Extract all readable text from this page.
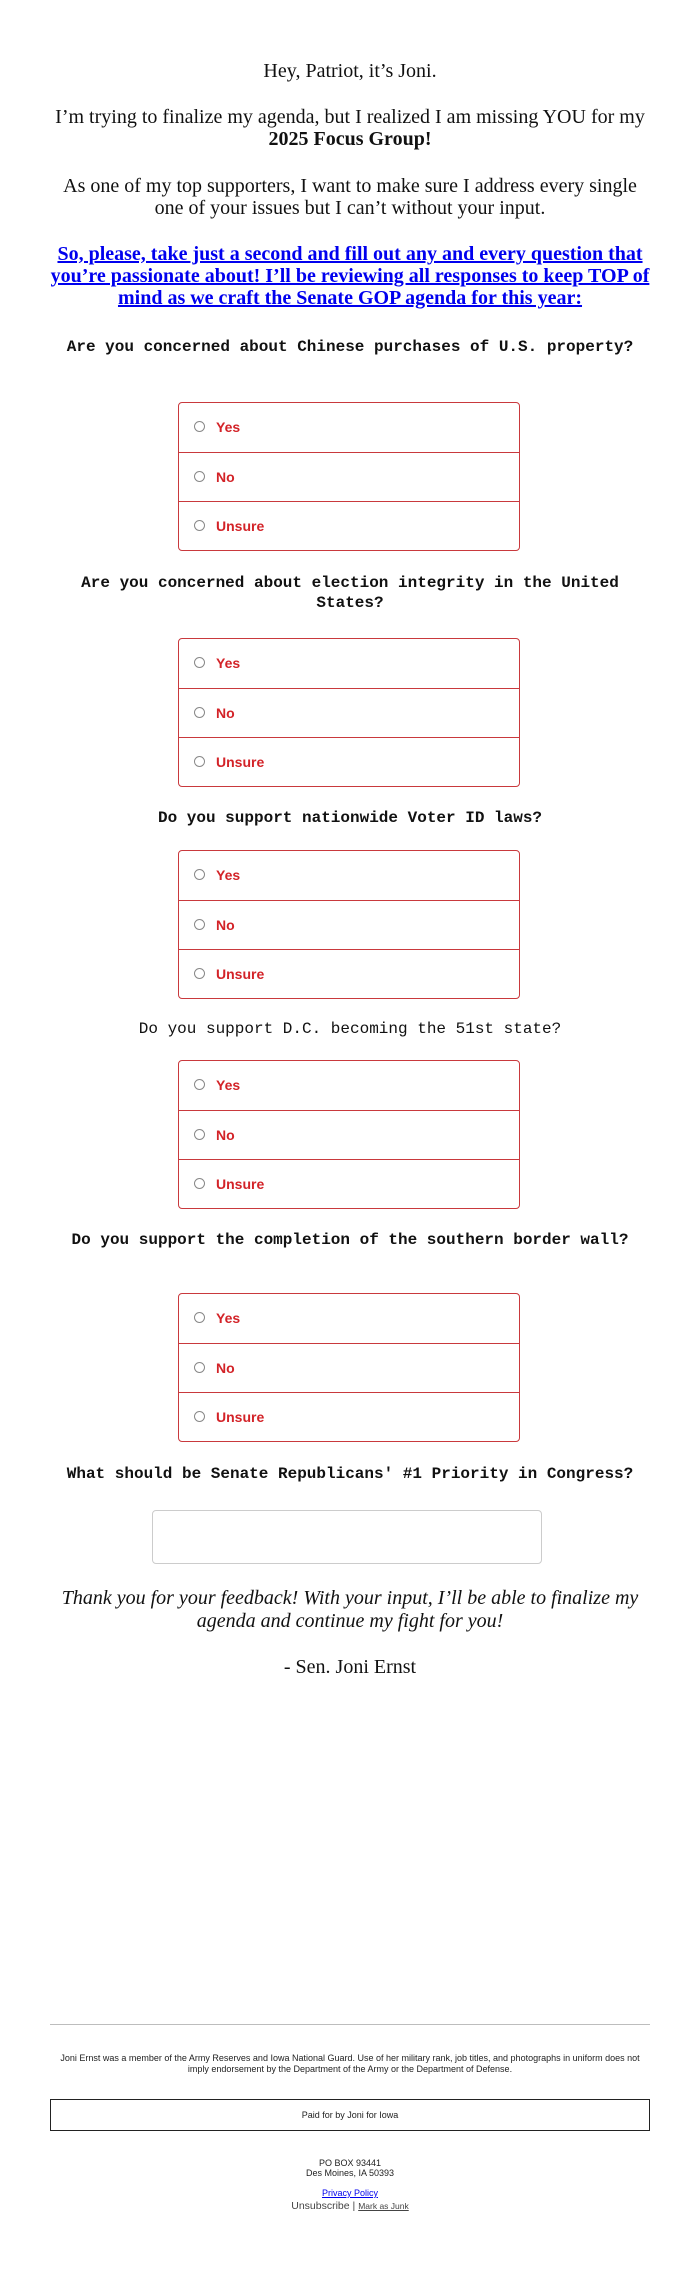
Hey, Patriot, it’s Joni.
I’m trying to finalize my agenda, but I realized I am missing YOU for my 2025 Focus Group!
As one of my top supporters, I want to make sure I address every single one of your issues but I can’t without your input.
So, please, take just a second and fill out any and every question that you’re passionate about! I’ll be reviewing all responses to keep TOP of mind as we craft the Senate GOP agenda for this year:
Are you concerned about Chinese purchases of U.S. property?
Yes
No
Unsure
Are you concerned about election integrity in the United States?
Yes
No
Unsure
Do you support nationwide Voter ID laws?
Yes
No
Unsure
Do you support D.C. becoming the 51st state?
Yes
No
Unsure
Do you support the completion of the southern border wall?
Yes
No
Unsure
What should be Senate Republicans' #1 Priority in Congress?
Thank you for your feedback! With your input, I’ll be able to finalize my agenda and continue my fight for you!
- Sen. Joni Ernst
Joni Ernst was a member of the Army Reserves and Iowa National Guard. Use of her military rank, job titles, and photographs in uniform does not imply endorsement by the Department of the Army or the Department of Defense.
Paid for by Joni for Iowa
PO BOX 93441
Des Moines, IA 50393
Privacy Policy
Unsubscribe | Mark as Junk
